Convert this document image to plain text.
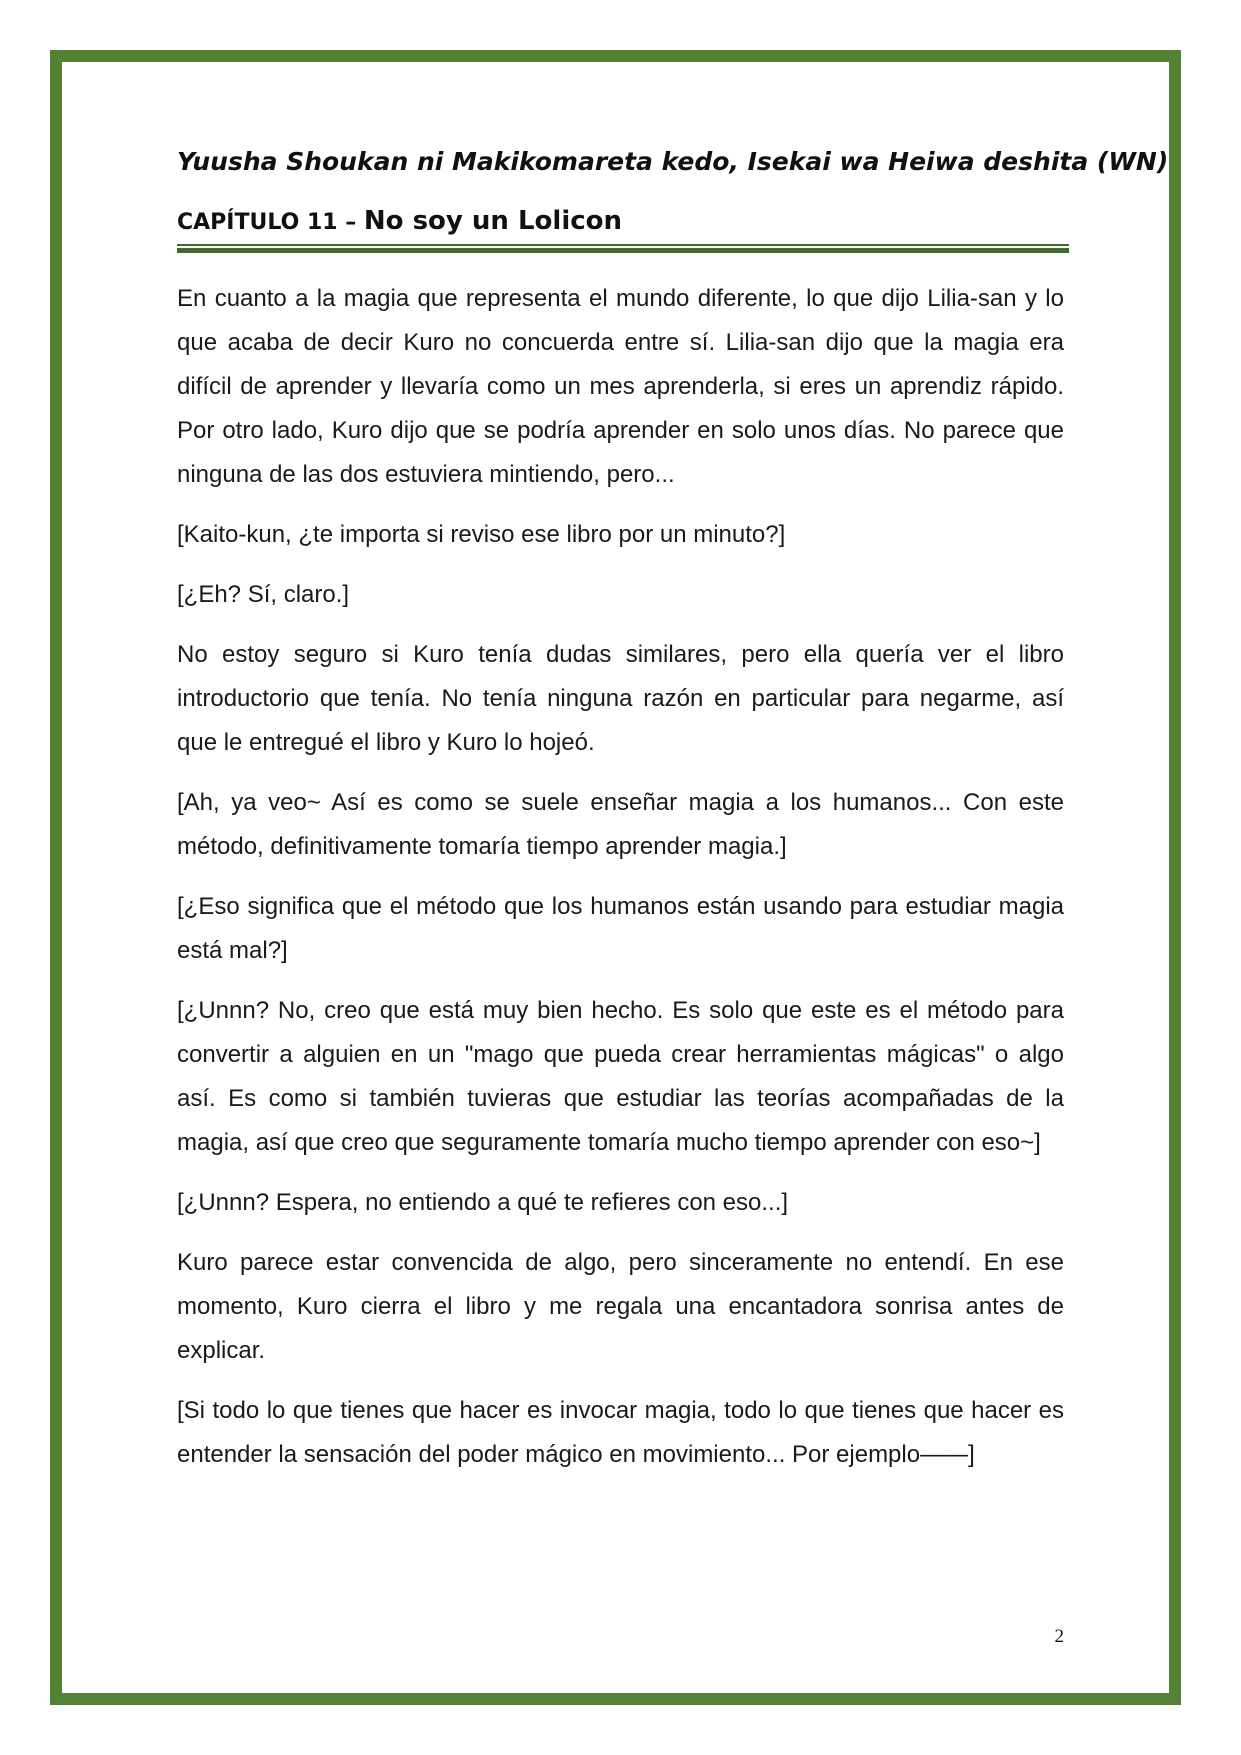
Yuusha Shoukan ni Makikomareta kedo, Isekai wa Heiwa deshita (WN)
CAPÍTULO 11 – No soy un Lolicon

En cuanto a la magia que representa el mundo diferente, lo que dijo Lilia-san y lo que acaba de decir Kuro no concuerda entre sí. Lilia-san dijo que la magia era difícil de aprender y llevaría como un mes aprenderla, si eres un aprendiz rápido. Por otro lado, Kuro dijo que se podría aprender en solo unos días. No parece que ninguna de las dos estuviera mintiendo, pero...

[Kaito-kun, ¿te importa si reviso ese libro por un minuto?]

[¿Eh? Sí, claro.]

No estoy seguro si Kuro tenía dudas similares, pero ella quería ver el libro introductorio que tenía. No tenía ninguna razón en particular para negarme, así que le entregué el libro y Kuro lo hojeó.

[Ah, ya veo~ Así es como se suele enseñar magia a los humanos... Con este método, definitivamente tomaría tiempo aprender magia.]

[¿Eso significa que el método que los humanos están usando para estudiar magia está mal?]

[¿Unnn? No, creo que está muy bien hecho. Es solo que este es el método para convertir a alguien en un "mago que pueda crear herramientas mágicas" o algo así. Es como si también tuvieras que estudiar las teorías acompañadas de la magia, así que creo que seguramente tomaría mucho tiempo aprender con eso~]

[¿Unnn? Espera, no entiendo a qué te refieres con eso...]

Kuro parece estar convencida de algo, pero sinceramente no entendí. En ese momento, Kuro cierra el libro y me regala una encantadora sonrisa antes de explicar.

[Si todo lo que tienes que hacer es invocar magia, todo lo que tienes que hacer es entender la sensación del poder mágico en movimiento... Por ejemplo——]

2
